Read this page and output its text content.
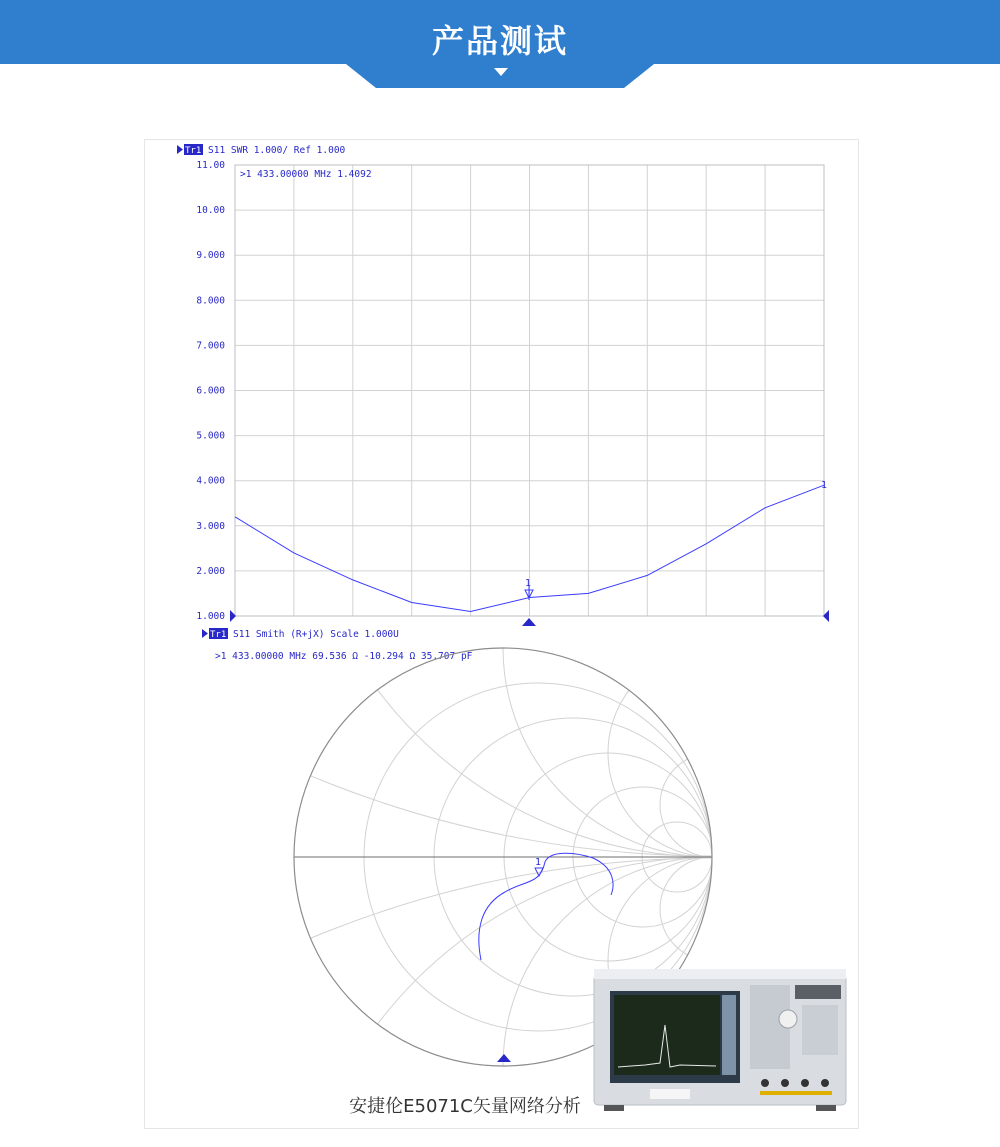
产品测试
Tr1 S11 SWR 1.000/ Ref 1.000
>1 433.00000 MHz 1.4092
11.00
10.00
9.000
8.000
7.000
6.000
5.000
4.000
3.000
2.000
1.000
1
1
Tr1 S11 Smith (R+jX) Scale 1.000U
>1 433.00000 MHz 69.536 Ω -10.294 Ω 35.707 pF
1
安捷伦E5071C矢量网络分析
